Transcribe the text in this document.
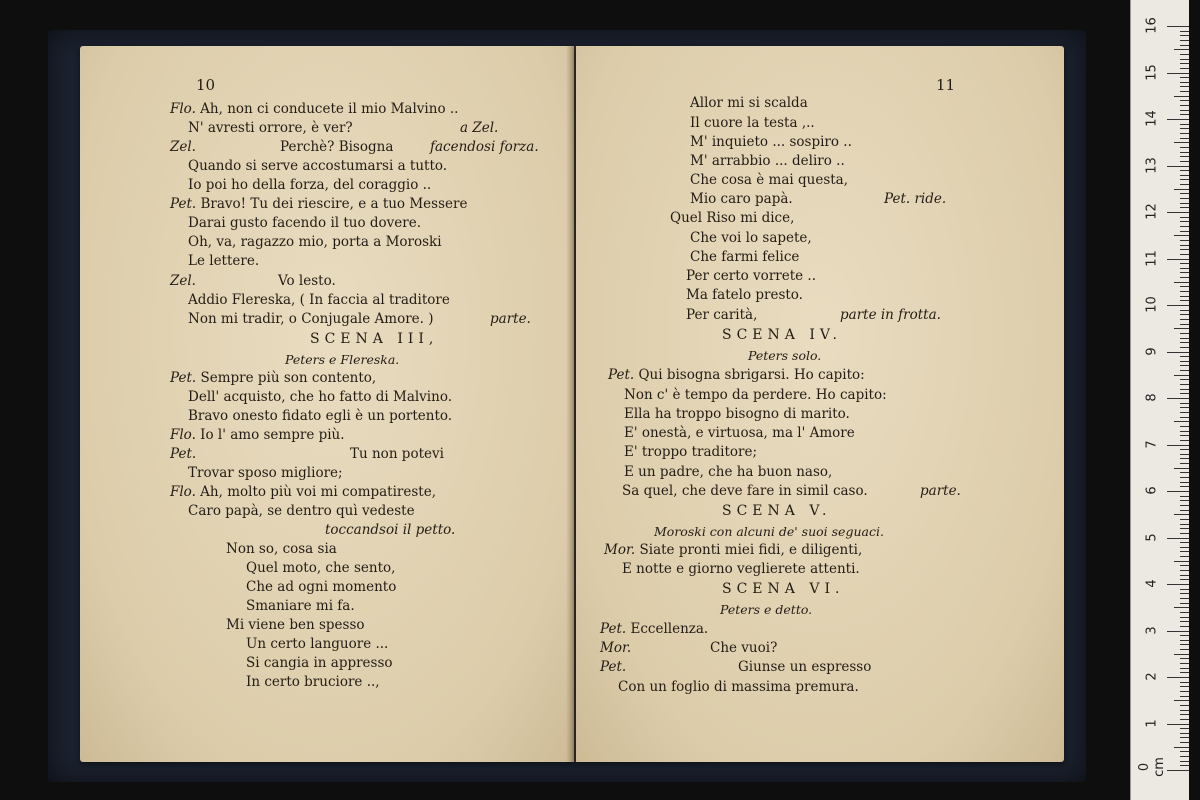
10
Flo. Ah, non ci conducete il mio Malvino ..
N' avresti orrore, è ver?	a Zel.
Zel.	Perchè? Bisogna	facendosi forza.
Quando si serve accostumarsi a tutto.
Io poi ho della forza, del coraggio ..
Pet. Bravo! Tu dei riescire, e a tuo Messere
Darai gusto facendo il tuo dovere.
Oh, va, ragazzo mio, porta a Moroski
Le lettere.
Zel.	Vo lesto.
Addio Flereska, ( In faccia al traditore
Non mi tradir, o Conjugale Amore. )	parte.
SCENA III,
Peters e Flereska.
Pet. Sempre più son contento,
Dell' acquisto, che ho fatto di Malvino.
Bravo onesto fidato egli è un portento.
Flo. Io l' amo sempre più.
Pet.	Tu non potevi
Trovar sposo migliore;
Flo. Ah, molto più voi mi compatireste,
Caro papà, se dentro quì vedeste
toccandsoi il petto.
Non so, cosa sia
Quel moto, che sento,
Che ad ogni momento
Smaniare mi fa.
Mi viene ben spesso
Un certo languore ...
Si cangia in appresso
In certo bruciore ..,
11
Allor mi si scalda
Il cuore la testa ,..
M' inquieto ... sospiro ..
M' arrabbio ... deliro ..
Che cosa è mai questa,
Mio caro papà.	Pet. ride.
Quel Riso mi dice,
Che voi lo sapete,
Che farmi felice
Per certo vorrete ..
Ma fatelo presto.
Per carità,	parte in frotta.
SCENA IV.
Peters solo.
Pet. Qui bisogna sbrigarsi. Ho capito:
Non c' è tempo da perdere. Ho capito:
Ella ha troppo bisogno di marito.
E' onestà, e virtuosa, ma l' Amore
E' troppo traditore;
E un padre, che ha buon naso,
Sa quel, che deve fare in simil caso.	parte.
SCENA V.
Moroski con alcuni de' suoi seguaci.
Mor. Siate pronti miei fidi, e diligenti,
E notte e giorno veglierete attenti.
SCENA VI.
Peters e detto.
Pet. Eccellenza.
Mor.	Che vuoi?
Pet.	Giunse un espresso
Con un foglio di massima premura.
0 cm
1
2
3
4
5
6
7
8
9
10
11
12
13
14
15
16
